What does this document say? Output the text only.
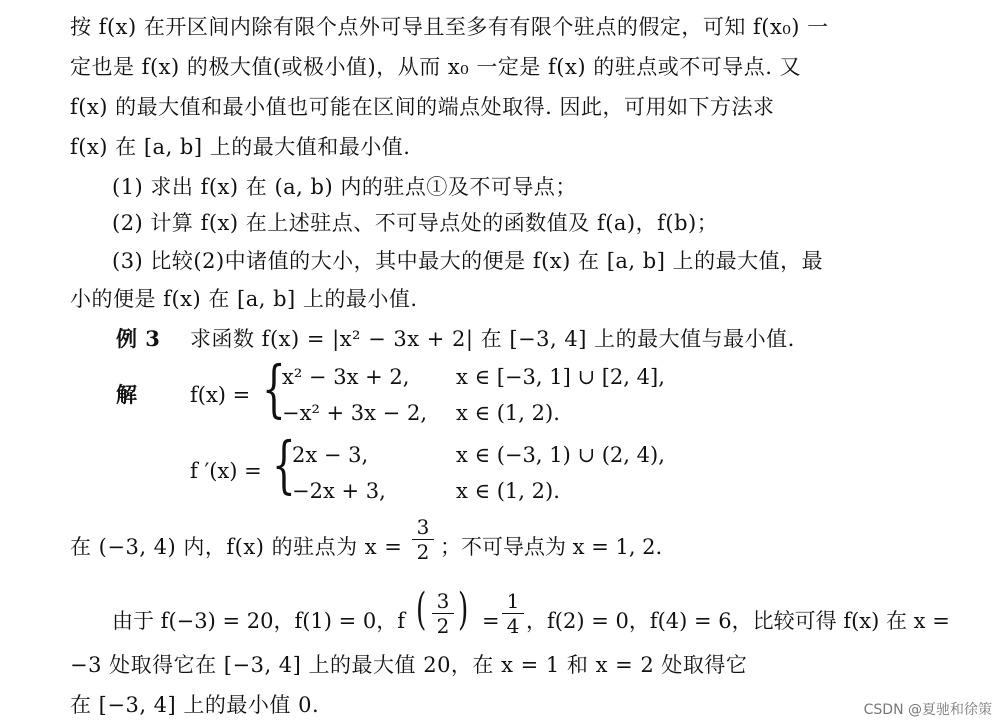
按 f(x) 在开区间内除有限个点外可导且至多有有限个驻点的假定，可知 f(x₀) 一
定也是 f(x) 的极大值(或极小值)，从而 x₀ 一定是 f(x) 的驻点或不可导点. 又
f(x) 的最大值和最小值也可能在区间的端点处取得. 因此，可用如下方法求
f(x) 在 [a, b] 上的最大值和最小值.
(1) 求出 f(x) 在 (a, b) 内的驻点①及不可导点；
(2) 计算 f(x) 在上述驻点、不可导点处的函数值及 f(a)，f(b)；
(3) 比较(2)中诸值的大小，其中最大的便是 f(x) 在 [a, b] 上的最大值，最
小的便是 f(x) 在 [a, b] 上的最小值.
例 3 求函数 f(x) = |x² − 3x + 2| 在 [−3, 4] 上的最大值与最小值.
解	f(x) = {
x² − 3x + 2, x ∈ [−3, 1] ∪ [2, 4],
−x² + 3x − 2, x ∈ (1, 2).
f ′(x) = {
2x − 3,	x ∈ (−3, 1) ∪ (2, 4),
−2x + 3,	x ∈ (1, 2).
在 (−3, 4) 内，f(x) 的驻点为 x =
3
2 ；不可导点为 x = 1, 2.
由于 f(−3) = 20，f(1) = 0，f ( 3
2 ) =
1
4 ，f(2) = 0，f(4) = 6，比较可得 f(x) 在 x =
−3 处取得它在 [−3, 4] 上的最大值 20，在 x = 1 和 x = 2 处取得它
在 [−3, 4] 上的最小值 0.	CSDN @夏驰和徐策
